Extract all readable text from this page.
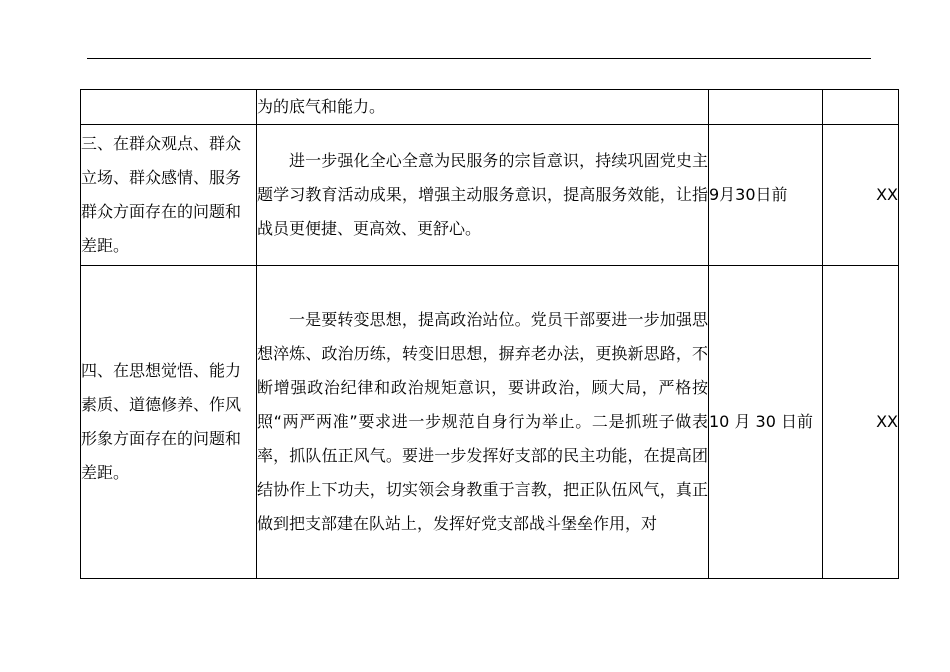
	为的底气和能力。		
三、在群众观点、群众立场、群众感情、服务群众方面存在的问题和差距。	进一步强化全心全意为民服务的宗旨意识，持续巩固党史主题学习教育活动成果，增强主动服务意识，提高服务效能，让指战员更便捷、更高效、更舒心。	9月30日前	XX
四、在思想觉悟、能力素质、道德修养、作风形象方面存在的问题和差距。	一是要转变思想，提高政治站位。党员干部要进一步加强思想淬炼、政治历练，转变旧思想，摒弃老办法，更换新思路，不断增强政治纪律和政治规矩意识，要讲政治，顾大局，严格按照“两严两准”要求进一步规范自身行为举止。二是抓班子做表率，抓队伍正风气。要进一步发挥好支部的民主功能，在提高团结协作上下功夫，切实领会身教重于言教，把正队伍风气，真正做到把支部建在队站上，发挥好党支部战斗堡垒作用，对	10 月 30 日前	XX
